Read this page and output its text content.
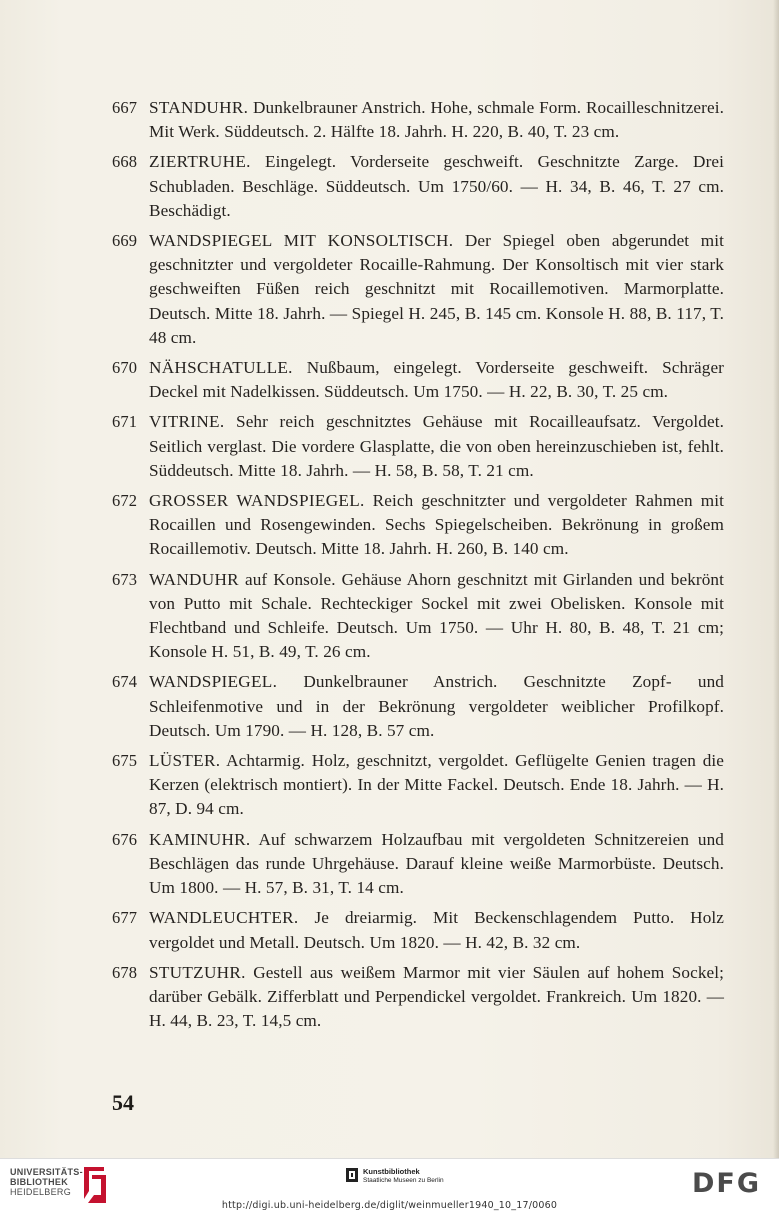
667 STANDUHR. Dunkelbrauner Anstrich. Hohe, schmale Form. Rocailleschnitzerei. Mit Werk. Süddeutsch. 2. Hälfte 18. Jahrh. H. 220, B. 40, T. 23 cm.
668 ZIERTRUHE. Eingelegt. Vorderseite geschweift. Geschnitzte Zarge. Drei Schubladen. Beschläge. Süddeutsch. Um 1750/60. — H. 34, B. 46, T. 27 cm. Beschädigt.
669 WANDSPIEGEL MIT KONSOLTISCH. Der Spiegel oben abgerundet mit geschnitzter und vergoldeter Rocaille-Rahmung. Der Konsoltisch mit vier stark geschweiften Füßen reich geschnitzt mit Rocaillemotiven. Marmorplatte. Deutsch. Mitte 18. Jahrh. — Spiegel H. 245, B. 145 cm. Konsole H. 88, B. 117, T. 48 cm.
670 NÄHSCHATULLE. Nußbaum, eingelegt. Vorderseite geschweift. Schräger Deckel mit Nadelkissen. Süddeutsch. Um 1750. — H. 22, B. 30, T. 25 cm.
671 VITRINE. Sehr reich geschnitztes Gehäuse mit Rocailleaufsatz. Vergoldet. Seitlich verglast. Die vordere Glasplatte, die von oben hereinzuschieben ist, fehlt. Süddeutsch. Mitte 18. Jahrh. — H. 58, B. 58, T. 21 cm.
672 GROSSER WANDSPIEGEL. Reich geschnitzter und vergoldeter Rahmen mit Rocaillen und Rosengewinden. Sechs Spiegelscheiben. Bekrönung in großem Rocaillemotiv. Deutsch. Mitte 18. Jahrh. H. 260, B. 140 cm.
673 WANDUHR auf Konsole. Gehäuse Ahorn geschnitzt mit Girlanden und bekrönt von Putto mit Schale. Rechteckiger Sockel mit zwei Obelisken. Konsole mit Flechtband und Schleife. Deutsch. Um 1750. — Uhr H. 80, B. 48, T. 21 cm; Konsole H. 51, B. 49, T. 26 cm.
674 WANDSPIEGEL. Dunkelbrauner Anstrich. Geschnitzte Zopf- und Schleifenmotive und in der Bekrönung vergoldeter weiblicher Profilkopf. Deutsch. Um 1790. — H. 128, B. 57 cm.
675 LÜSTER. Achtarmig. Holz, geschnitzt, vergoldet. Geflügelte Genien tragen die Kerzen (elektrisch montiert). In der Mitte Fackel. Deutsch. Ende 18. Jahrh. — H. 87, D. 94 cm.
676 KAMINUHR. Auf schwarzem Holzaufbau mit vergoldeten Schnitzereien und Beschlägen das runde Uhrgehäuse. Darauf kleine weiße Marmorbüste. Deutsch. Um 1800. — H. 57, B. 31, T. 14 cm.
677 WANDLEUCHTER. Je dreiarmig. Mit Beckenschlagendem Putto. Holz vergoldet und Metall. Deutsch. Um 1820. — H. 42, B. 32 cm.
678 STUTZUHR. Gestell aus weißem Marmor mit vier Säulen auf hohem Sockel; darüber Gebälk. Zifferblatt und Perpendickel vergoldet. Frankreich. Um 1820. — H. 44, B. 23, T. 14,5 cm.
54
UNIVERSITÄTS-
BIBLIOTHEK
HEIDELBERG
Kunstbibliothek
Staatliche Museen zu Berlin	DFG
http://digi.ub.uni-heidelberg.de/diglit/weinmueller1940_10_17/0060
